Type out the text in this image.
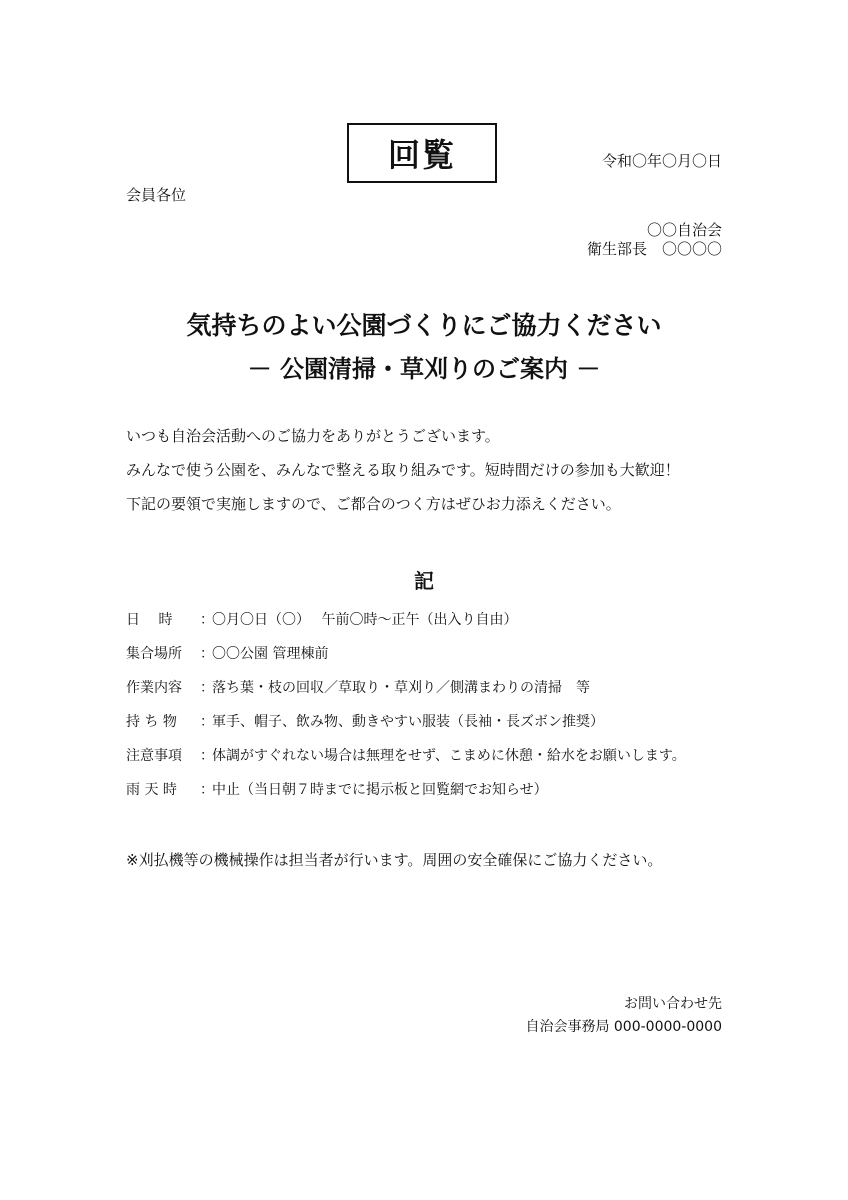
回覧	令和〇年〇月〇日
会員各位
〇〇自治会
衛生部長　〇〇〇〇
気持ちのよい公園づくりにご協力ください
－ 公園清掃・草刈りのご案内 －
いつも自治会活動へのご協力をありがとうございます。
みんなで使う公園を、みんなで整える取り組みです。短時間だけの参加も大歓迎！
下記の要領で実施しますので、ご都合のつく方はぜひお力添えください。
記
日　 時	：
〇月〇日（〇）　 午前〇時～正午（出入り自由）
集合場所	：
〇〇公園 管理棟前
作業内容	：
落ち葉・枝の回収／草取り・草刈り／側溝まわりの清掃　等
持 ち 物	：
軍手、帽子、飲み物、動きやすい服装（長袖・長ズボン推奨）
注意事項	：
体調がすぐれない場合は無理をせず、こまめに休憩・給水をお願いします。
雨 天 時	：
中止（当日朝７時までに掲示板と回覧網でお知らせ）
※刈払機等の機械操作は担当者が行います。周囲の安全確保にご協力ください。
お問い合わせ先
自治会事務局 000-0000-0000
